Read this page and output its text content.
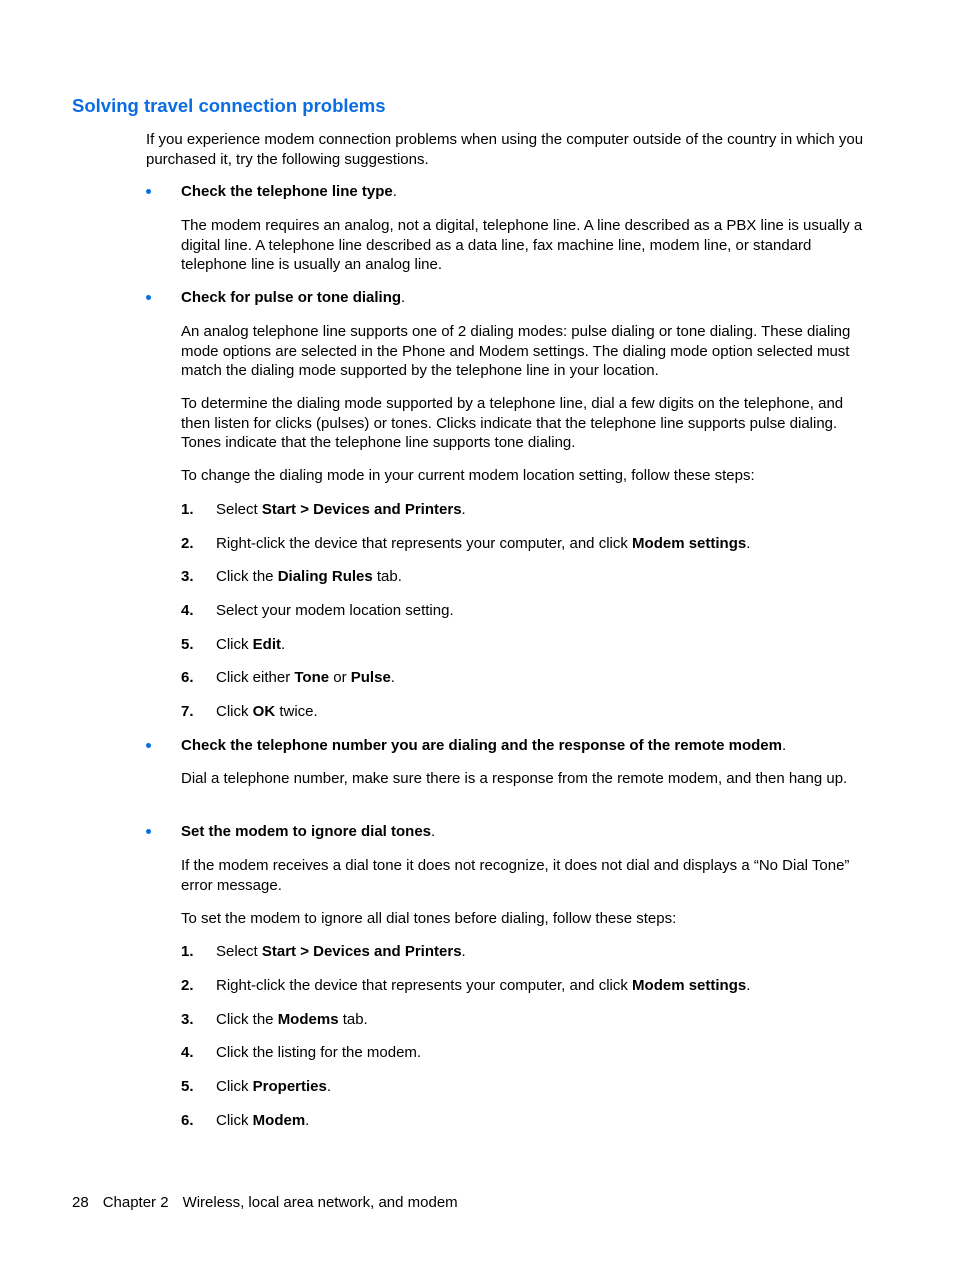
Solving travel connection problems

If you experience modem connection problems when using the computer outside of the country in which you purchased it, try the following suggestions.

Check the telephone line type.

The modem requires an analog, not a digital, telephone line. A line described as a PBX line is usually a digital line. A telephone line described as a data line, fax machine line, modem line, or standard telephone line is usually an analog line.

Check for pulse or tone dialing.

An analog telephone line supports one of 2 dialing modes: pulse dialing or tone dialing. These dialing mode options are selected in the Phone and Modem settings. The dialing mode option selected must match the dialing mode supported by the telephone line in your location.

To determine the dialing mode supported by a telephone line, dial a few digits on the telephone, and then listen for clicks (pulses) or tones. Clicks indicate that the telephone line supports pulse dialing. Tones indicate that the telephone line supports tone dialing.

To change the dialing mode in your current modem location setting, follow these steps:

1. Select Start > Devices and Printers.
2. Right-click the device that represents your computer, and click Modem settings.
3. Click the Dialing Rules tab.
4. Select your modem location setting.
5. Click Edit.
6. Click either Tone or Pulse.
7. Click OK twice.
Check the telephone number you are dialing and the response of the remote modem.

Dial a telephone number, make sure there is a response from the remote modem, and then hang up.

Set the modem to ignore dial tones.

If the modem receives a dial tone it does not recognize, it does not dial and displays a “No Dial Tone” error message.

To set the modem to ignore all dial tones before dialing, follow these steps:

1. Select Start > Devices and Printers.
2. Right-click the device that represents your computer, and click Modem settings.
3. Click the Modems tab.
4. Click the listing for the modem.
5. Click Properties.
6. Click Modem.
28 Chapter 2 Wireless, local area network, and modem
